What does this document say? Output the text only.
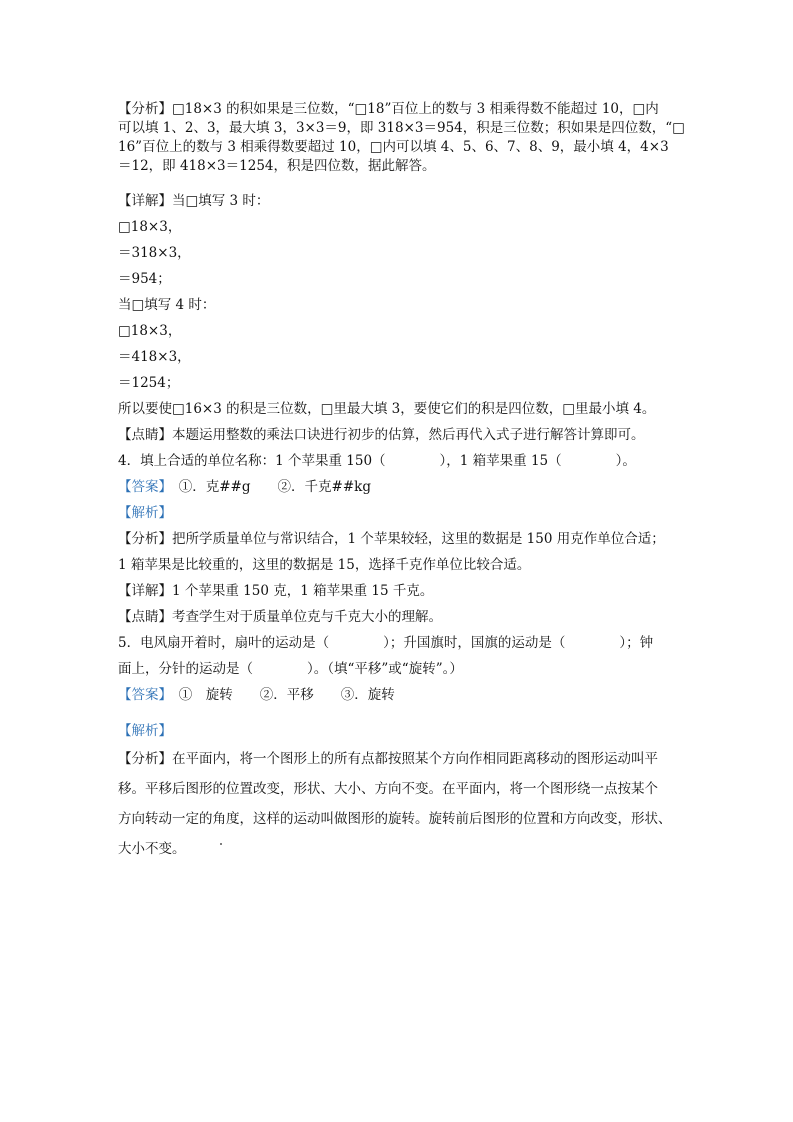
【分析】□18×3 的积如果是三位数，“□18”百位上的数与 3 相乘得数不能超过 10，□内

可以填 1、2、3，最大填 3，3×3＝9，即 318×3＝954，积是三位数；积如果是四位数，“□

16”百位上的数与 3 相乘得数要超过 10，□内可以填 4、5、6、7、8、9，最小填 4，4×3

＝12，即 418×3＝1254，积是四位数，据此解答。

【详解】当□填写 3 时：

□18×3，

＝318×3，

＝954；

当□填写 4 时：

□18×3，

＝418×3，

＝1254；

所以要使□16×3 的积是三位数，□里最大填 3，要使它们的积是四位数，□里最小填 4。

【点睛】本题运用整数的乘法口诀进行初步的估算，然后再代入式子进行解答计算即可。

4．填上合适的单位名称：1 个苹果重 150（　　　　），1 箱苹果重 15（　　　　）。

【答案】　①．克##g　　②．千克##kg

【解析】

【分析】把所学质量单位与常识结合，1 个苹果较轻，这里的数据是 150 用克作单位合适；

1 箱苹果是比较重的，这里的数据是 15，选择千克作单位比较合适。

【详解】1 个苹果重 150 克，1 箱苹果重 15 千克。

【点睛】考查学生对于质量单位克与千克大小的理解。

5．电风扇开着时，扇叶的运动是（　　　　）；升国旗时，国旗的运动是（　　　　）；钟

面上，分针的运动是（　　　　）。（填“平移”或“旋转”。）

【答案】　①　旋转　　②．平移　　③．旋转

【解析】

【分析】在平面内，将一个图形上的所有点都按照某个方向作相同距离移动的图形运动叫平

移。平移后图形的位置改变，形状、大小、方向不变。在平面内，将一个图形绕一点按某个

方向转动一定的角度，这样的运动叫做图形的旋转。旋转前后图形的位置和方向改变，形状、

大小不变。
